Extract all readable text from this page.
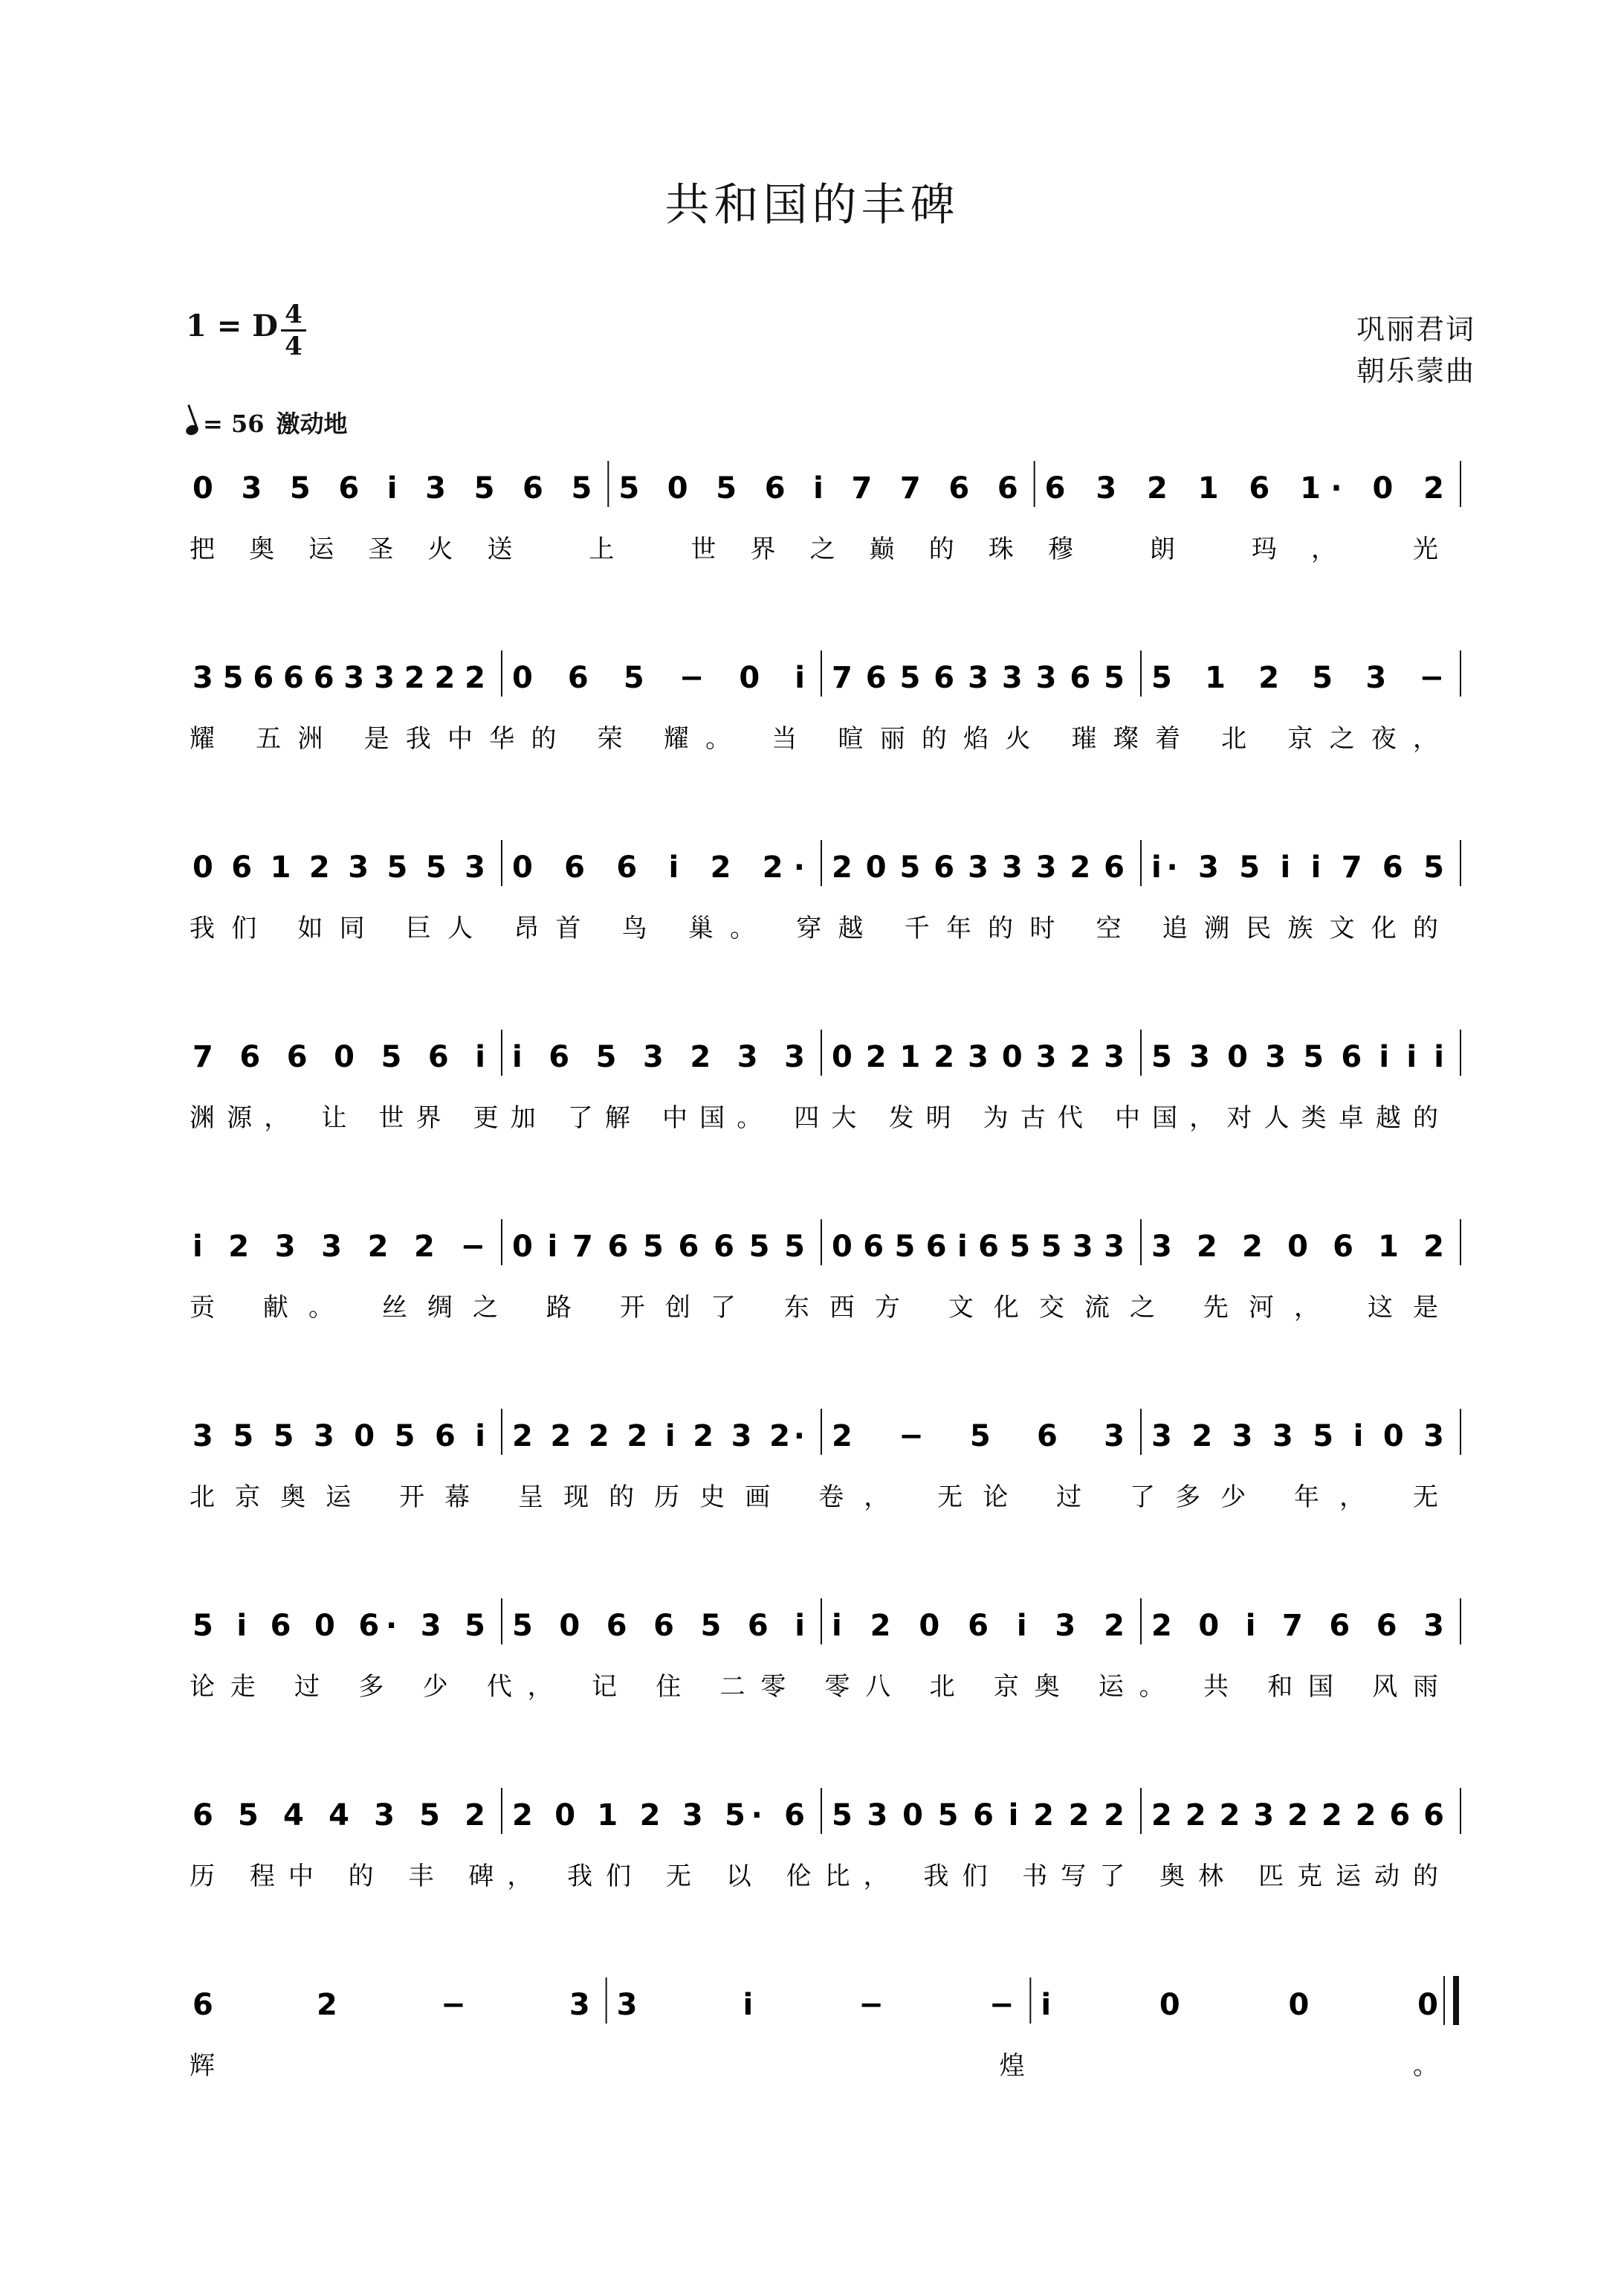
共和国的丰碑
1 = D 4
4
巩丽君词
朝乐蒙曲
= 56 激动地
0 3 5 6 i 3 5 6 5 5 0 5 6 i 7 7 6 6 6 3 2 1 6 1· 0 2
把奥运圣火送 上 世界之巅的珠穆 朗 玛， 光
3 5 6 6 6 3 3 2 2 2 0 6 5 − 0 i 7 6 5 6 3 3 3 6 5 5 1 2 5 3 −
耀 五洲 是我中华的 荣 耀。 当 暄丽的焰火 璀璨着 北 京之夜，
0 6 1 2 3 5 5 3 0 6 6 i 2 2· 2 0 5 6 3 3 3 2 6 i· 3 5 i i 7 6 5
我们 如同 巨人 昂首 鸟 巢。 穿越 千年的时 空 追溯民族文化的
7 6 6 0 5 6 i i 6 5 3 2 3 3 0 2 1 2 3 0 3 2 3 5 3 0 3 5 6 i i i
渊源， 让 世界 更加 了解 中国。 四大 发明 为古代 中国，对人类卓越的
i 2 3 3 2 2 − 0 i 7 6 5 6 6 5 5 0 6 5 6 i 6 5 5 3 3 3 2 2 0 6 1 2
贡 献。 丝绸之 路 开创了 东西方 文化交流之 先河， 这是
3 5 5 3 0 5 6 i 2 2 2 2 i 2 3 2· 2 − 5 6 3 3 2 3 3 5 i 0 3
北京奥运 开幕 呈现的历史画 卷， 无论 过 了多少 年， 无
5 i 6 0 6· 3 5 5 0 6 6 5 6 i i 2 0 6 i 3 2 2 0 i 7 6 6 3
论走 过 多 少 代， 记 住 二零 零八 北 京奥 运。 共 和国 风雨
6 5 4 4 3 5 2 2 0 1 2 3 5· 6 5 3 0 5 6 i 2 2 2 2 2 2 3 2 2 2 6 6
历 程中 的 丰 碑， 我们 无 以 伦比， 我们 书写了 奥林 匹克运动的
6 2 − 3 3 i − − i 0 0 0
辉 煌。
